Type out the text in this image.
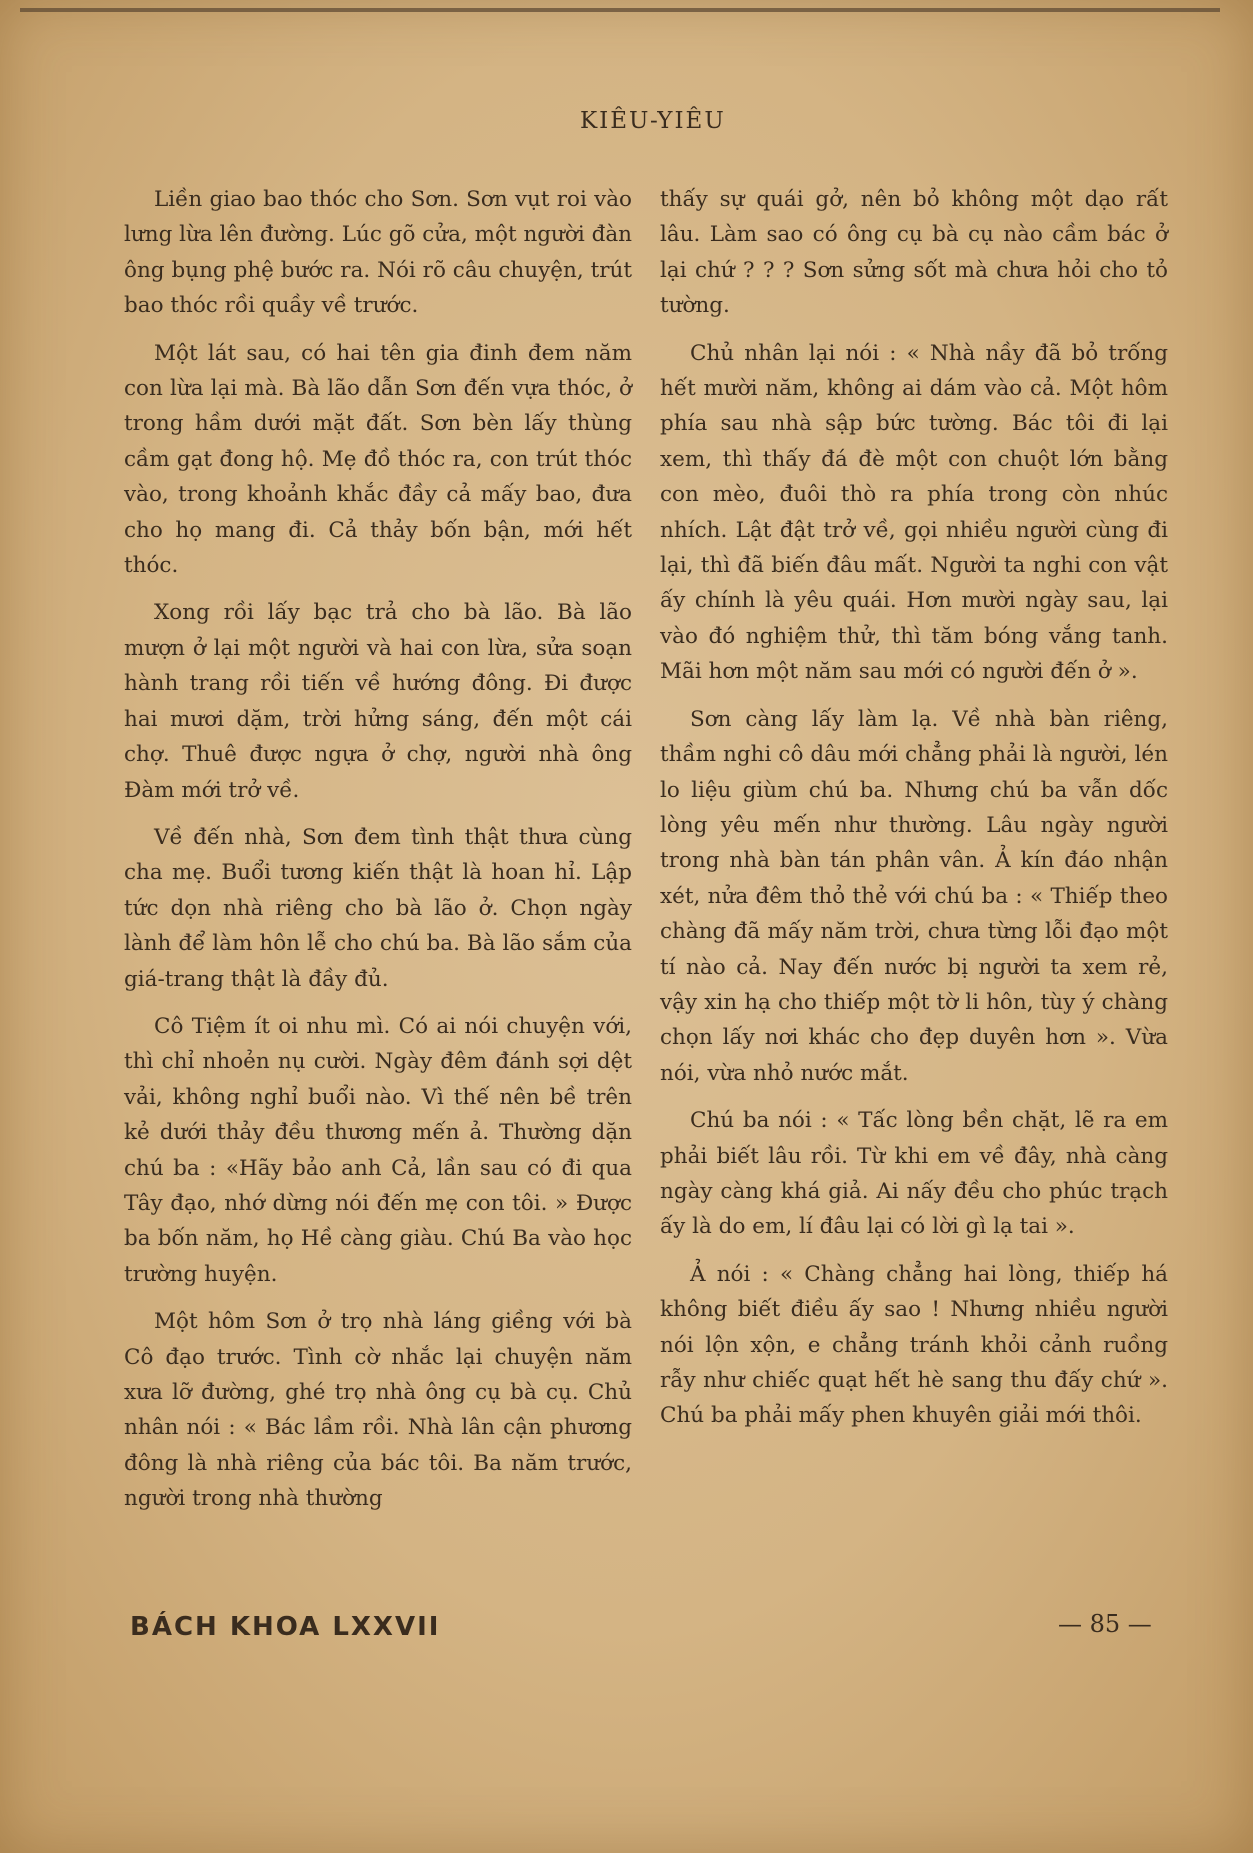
KIÊU-YIÊU

Liền giao bao thóc cho Sơn. Sơn vụt roi vào lưng lừa lên đường. Lúc gõ cửa, một người đàn ông bụng phệ bước ra. Nói rõ câu chuyện, trút bao thóc rồi quầy về trước.

Một lát sau, có hai tên gia đinh đem năm con lừa lại mà. Bà lão dẫn Sơn đến vựa thóc, ở trong hầm dưới mặt đất. Sơn bèn lấy thùng cầm gạt đong hộ. Mẹ đồ thóc ra, con trút thóc vào, trong khoảnh khắc đầy cả mấy bao, đưa cho họ mang đi. Cả thảy bốn bận, mới hết thóc.

Xong rồi lấy bạc trả cho bà lão. Bà lão mượn ở lại một người và hai con lừa, sửa soạn hành trang rồi tiến về hướng đông. Đi được hai mươi dặm, trời hửng sáng, đến một cái chợ. Thuê được ngựa ở chợ, người nhà ông Đàm mới trở về.

Về đến nhà, Sơn đem tình thật thưa cùng cha mẹ. Buổi tương kiến thật là hoan hỉ. Lập tức dọn nhà riêng cho bà lão ở. Chọn ngày lành để làm hôn lễ cho chú ba. Bà lão sắm của giá-trang thật là đầy đủ.

Cô Tiệm ít oi nhu mì. Có ai nói chuyện với, thì chỉ nhoẻn nụ cười. Ngày đêm đánh sợi dệt vải, không nghỉ buổi nào. Vì thế nên bề trên kẻ dưới thảy đều thương mến ả. Thường dặn chú ba : «Hãy bảo anh Cả, lần sau có đi qua Tây đạo, nhớ dừng nói đến mẹ con tôi. » Được ba bốn năm, họ Hề càng giàu. Chú Ba vào học trường huyện.

Một hôm Sơn ở trọ nhà láng giềng với bà Cô đạo trước. Tình cờ nhắc lại chuyện năm xưa lỡ đường, ghé trọ nhà ông cụ bà cụ. Chủ nhân nói : « Bác lầm rồi. Nhà lân cận phương đông là nhà riêng của bác tôi. Ba năm trước, người trong nhà thường

thấy sự quái gở, nên bỏ không một dạo rất lâu. Làm sao có ông cụ bà cụ nào cầm bác ở lại chứ ? ? ? Sơn sửng sốt mà chưa hỏi cho tỏ tường.

Chủ nhân lại nói : « Nhà nầy đã bỏ trống hết mười năm, không ai dám vào cả. Một hôm phía sau nhà sập bức tường. Bác tôi đi lại xem, thì thấy đá đè một con chuột lớn bằng con mèo, đuôi thò ra phía trong còn nhúc nhích. Lật đật trở về, gọi nhiều người cùng đi lại, thì đã biến đâu mất. Người ta nghi con vật ấy chính là yêu quái. Hơn mười ngày sau, lại vào đó nghiệm thử, thì tăm bóng vắng tanh. Mãi hơn một năm sau mới có người đến ở ».

Sơn càng lấy làm lạ. Về nhà bàn riêng, thầm nghi cô dâu mới chẳng phải là người, lén lo liệu giùm chú ba. Nhưng chú ba vẫn dốc lòng yêu mến như thường. Lâu ngày người trong nhà bàn tán phân vân. Ả kín đáo nhận xét, nửa đêm thỏ thẻ với chú ba : « Thiếp theo chàng đã mấy năm trời, chưa từng lỗi đạo một tí nào cả. Nay đến nước bị người ta xem rẻ, vậy xin hạ cho thiếp một tờ li hôn, tùy ý chàng chọn lấy nơi khác cho đẹp duyên hơn ». Vừa nói, vừa nhỏ nước mắt.

Chú ba nói : « Tấc lòng bền chặt, lẽ ra em phải biết lâu rồi. Từ khi em về đây, nhà càng ngày càng khá giả. Ai nấy đều cho phúc trạch ấy là do em, lí đâu lại có lời gì lạ tai ».

Ả nói : « Chàng chẳng hai lòng, thiếp há không biết điều ấy sao ! Nhưng nhiều người nói lộn xộn, e chẳng tránh khỏi cảnh ruồng rẫy như chiếc quạt hết hè sang thu đấy chứ ». Chú ba phải mấy phen khuyên giải mới thôi.

BÁCH KHOA LXXVII	— 85 —
